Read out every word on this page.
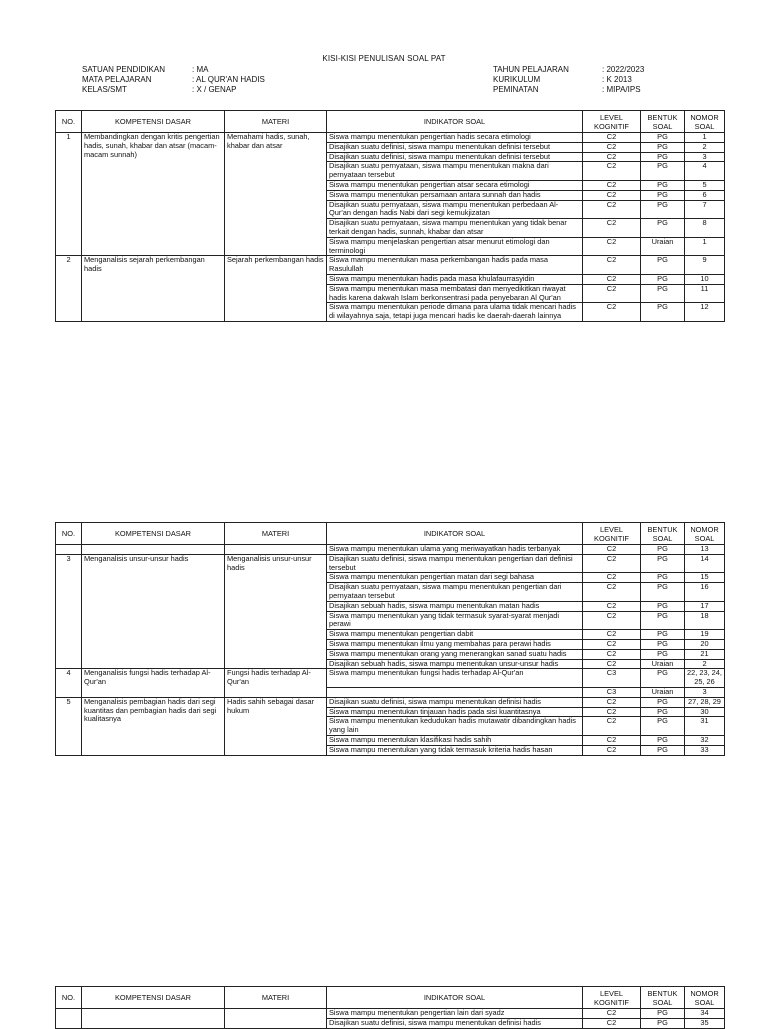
KISI-KISI PENULISAN SOAL PAT
SATUAN PENDIDIKAN	: MA
MATA PELAJARAN	: AL QUR'AN HADIS
KELAS/SMT	: X / GENAP
TAHUN PELAJARAN	: 2022/2023
KURIKULUM	: K 2013
PEMINATAN	: MIPA/IPS
NO.	KOMPETENSI DASAR	MATERI	INDIKATOR SOAL	LEVEL KOGNITIF	BENTUK SOAL	NOMOR SOAL
1	Membandingkan dengan kritis pengertian hadis, sunah, khabar dan atsar (macam-macam sunnah)	Memahami hadis, sunah, khabar dan atsar	Siswa mampu menentukan pengertian hadis secara etimologi	C2	PG	1
			Disajikan suatu definisi, siswa mampu menentukan definisi tersebut	C2	PG	2
			Disajikan suatu definisi, siswa mampu menentukan definisi tersebut	C2	PG	3
			Disajikan suatu pernyataan, siswa mampu menentukan makna dari pernyataan tersebut	C2	PG	4
			Siswa mampu menentukan pengertian atsar secara etimologi	C2	PG	5
			Siswa mampu menentukan persamaan antara sunnah dan hadis	C2	PG	6
			Disajikan suatu pernyataan, siswa mampu menentukan perbedaan Al-Qur'an dengan hadis Nabi dari segi kemukjizatan	C2	PG	7
			Disajikan suatu pernyataan, siswa mampu menentukan yang tidak benar terkait dengan hadis, sunnah, khabar dan atsar	C2	PG	8
			Siswa mampu menjelaskan pengertian atsar menurut etimologi dan terminologi	C2	Uraian	1
2	Menganalisis sejarah perkembangan hadis	Sejarah perkembangan hadis	Siswa mampu menentukan masa perkembangan hadis pada masa Rasulullah	C2	PG	9
			Siswa mampu menentukan hadis pada masa khulafaurrasyidin	C2	PG	10
			Siswa mampu menentukan masa membatasi dan menyedikitkan riwayat hadis karena dakwah Islam berkonsentrasi pada penyebaran Al Qur'an	C2	PG	11
			Siswa mampu menentukan periode dimana para ulama tidak mencari hadis di wilayahnya saja, tetapi juga mencari hadis ke daerah-daerah lainnya	C2	PG	12
NO.	KOMPETENSI DASAR	MATERI	INDIKATOR SOAL	LEVEL KOGNITIF	BENTUK SOAL	NOMOR SOAL
			Siswa mampu menentukan ulama yang meriwayatkan hadis terbanyak	C2	PG	13
3	Menganalisis unsur-unsur hadis	Menganalisis unsur-unsur hadis	Disajikan suatu definisi, siswa mampu menentukan pengertian dari definisi tersebut	C2	PG	14
			Siswa mampu menentukan pengertian matan dari segi bahasa	C2	PG	15
			Disajikan suatu pernyataan, siswa mampu menentukan pengertian dari pernyataan tersebut	C2	PG	16
			Disajikan sebuah hadis, siswa mampu menentukan matan hadis	C2	PG	17
			Siswa mampu menentukan yang tidak termasuk syarat-syarat menjadi perawi	C2	PG	18
			Siswa mampu menentukan pengertian dabit	C2	PG	19
			Siswa mampu menentukan ilmu yang membahas para perawi hadis	C2	PG	20
			Siswa mampu menentukan orang yang menerangkan sanad suatu hadis	C2	PG	21
			Disajikan sebuah hadis, siswa mampu menentukan unsur-unsur hadis	C2	Uraian	2
4	Menganalisis fungsi hadis terhadap Al-Qur'an	Fungsi hadis terhadap Al-Qur'an	Siswa mampu menentukan fungsi hadis terhadap Al-Qur'an	C3	PG	22, 23, 24, 25, 26
				C3	Uraian	3
5	Menganalisis pembagian hadis dari segi kuantitas dan pembagian hadis dari segi kualitasnya	Hadis sahih sebagai dasar hukum	Disajikan suatu definisi, siswa mampu menentukan definisi hadis	C2	PG	27, 28, 29
			Siswa mampu menentukan tinjauan hadis pada sisi kuantitasnya	C2	PG	30
			Siswa mampu menentukan kedudukan hadis mutawatir dibandingkan hadis yang lain	C2	PG	31
			Siswa mampu menentukan klasifikasi hadis sahih	C2	PG	32
			Siswa mampu menentukan yang tidak termasuk kriteria hadis hasan	C2	PG	33
NO.	KOMPETENSI DASAR	MATERI	INDIKATOR SOAL	LEVEL KOGNITIF	BENTUK SOAL	NOMOR SOAL
			Siswa mampu menentukan pengertian lain dari syadz	C2	PG	34
			Disajikan suatu definisi, siswa mampu menentukan definisi hadis	C2	PG	35
